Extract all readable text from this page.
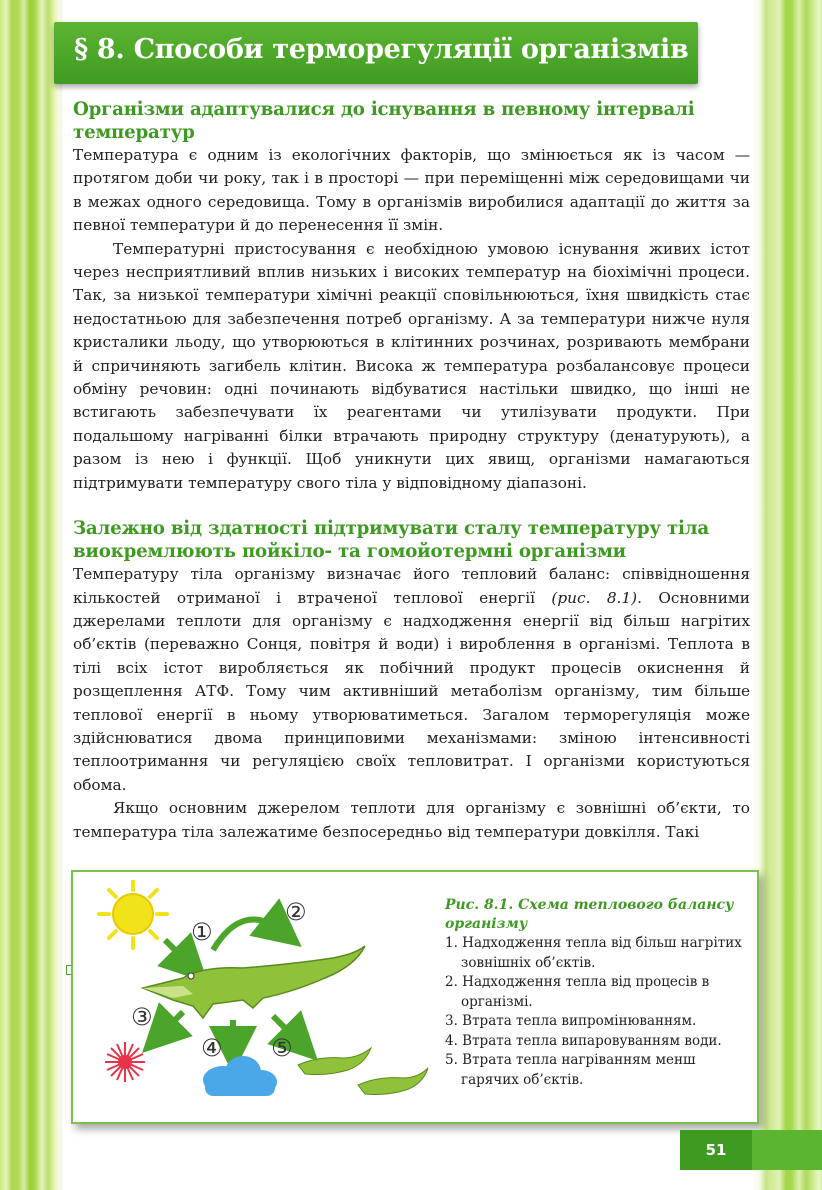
§ 8. Способи терморегуляції організмів
Організми адаптувалися до існування в певному інтервалі температур

Температура є одним із екологічних факторів, що змінюється як із часом — протягом доби чи року, так і в просторі — при переміщенні між середовищами чи в межах одного середовища. Тому в організмів виробилися адаптації до життя за певної температури й до перенесення її змін.

Температурні пристосування є необхідною умовою існування живих істот через несприятливий вплив низьких і високих температур на біохімічні процеси. Так, за низької температури хімічні реакції сповільнюються, їхня швидкість стає недостатньою для забезпечення потреб організму. А за температури нижче нуля кристалики льоду, що утворюються в клітинних розчинах, розривають мембрани й спричиняють загибель клітин. Висока ж температура розбалансовує процеси обміну речовин: одні починають відбуватися настільки швидко, що інші не встигають забезпечувати їх реагентами чи утилізувати продукти. При подальшому нагріванні білки втрачають природну структуру (денатурують), а разом із нею і функції. Щоб уникнути цих явищ, організми намагаються підтримувати температуру свого тіла у відповідному діапазоні.

Залежно від здатності підтримувати сталу температуру тіла виокремлюють пойкіло- та гомойотермні організми

Температуру тіла організму визначає його тепловий баланс: співвідношення кількостей отриманої і втраченої теплової енергії (рис. 8.1). Основними джерелами теплоти для організму є надходження енергії від більш нагрітих об’єктів (переважно Сонця, повітря й води) і вироблення в організмі. Теплота в тілі всіх істот виробляється як побічний продукт процесів окиснення й розщеплення АТФ. Тому чим активніший метаболізм організму, тим більше теплової енергії в ньому утворюватиметься. Загалом терморегуляція може здійснюватися двома принциповими механізмами: зміною інтенсивності теплоотримання чи регуляцією своїх тепловитрат. І організми користуються обома.

Якщо основним джерелом теплоти для організму є зовнішні об’єкти, то температура тіла залежатиме безпосередньо від температури довкілля. Такі

①
②
③
④ ⑤
Рис. 8.1. Схема теплового балансу організму
1. Надходження тепла від більш нагрітих зовнішніх об’єктів.
2. Надходження тепла від процесів в організмі.
3. Втрата тепла випромінюванням.
4. Втрата тепла випаровуванням води.
5. Втрата тепла нагріванням менш гарячих об’єктів.
51
